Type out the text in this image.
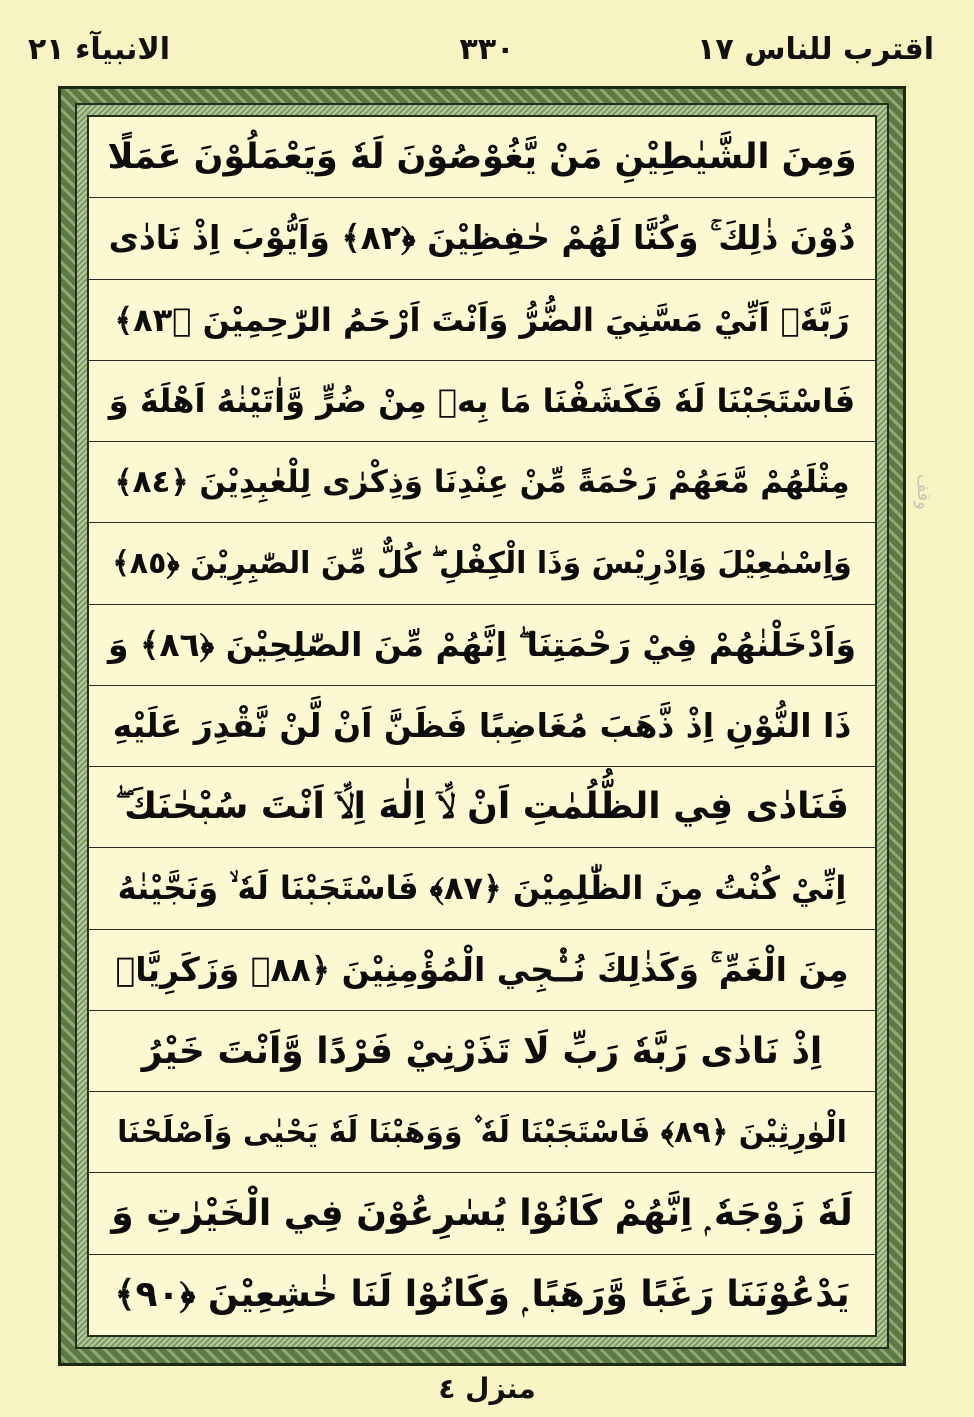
اقترب للناس ١٧
٣٣٠
الانبيآء ٢١
وَمِنَ الشَّيٰطِيْنِ مَنْ يَّغُوْصُوْنَ لَهٗ وَيَعْمَلُوْنَ عَمَلًا
دُوْنَ ذٰلِكَ ۚ وَكُنَّا لَهُمْ حٰفِظِيْنَ ﴿٨٢﴾ وَاَيُّوْبَ اِذْ نَادٰى
رَبَّهٗۤ اَنِّيْ مَسَّنِيَ الضُّرُّ وَاَنْتَ اَرْحَمُ الرّٰحِمِيْنَ ﴿٨٣﴾
فَاسْتَجَبْنَا لَهٗ فَكَشَفْنَا مَا بِهٖ مِنْ ضُرٍّ وَّاٰتَيْنٰهُ اَهْلَهٗ وَ
مِثْلَهُمْ مَّعَهُمْ رَحْمَةً مِّنْ عِنْدِنَا وَذِكْرٰى لِلْعٰبِدِيْنَ ﴿٨٤﴾
وَاِسْمٰعِيْلَ وَاِدْرِيْسَ وَذَا الْكِفْلِ ۖ كُلٌّ مِّنَ الصّٰبِرِيْنَ ﴿٨٥﴾
وَاَدْخَلْنٰهُمْ فِيْ رَحْمَتِنَا ۖ اِنَّهُمْ مِّنَ الصّٰلِحِيْنَ ﴿٨٦﴾ وَ
ذَا النُّوْنِ اِذْ ذَّهَبَ مُغَاضِبًا فَظَنَّ اَنْ لَّنْ نَّقْدِرَ عَلَيْهِ
فَنَادٰى فِي الظُّلُمٰتِ اَنْ لَّاۤ اِلٰهَ اِلَّاۤ اَنْتَ سُبْحٰنَكَ ۖ
اِنِّيْ كُنْتُ مِنَ الظّٰلِمِيْنَ ﴿٨٧﴾ فَاسْتَجَبْنَا لَهٗ ۙ وَنَجَّيْنٰهُ
مِنَ الْغَمِّ ۚ وَكَذٰلِكَ نُـْۨجِي الْمُؤْمِنِيْنَ ﴿٨٨﴾ وَزَكَرِيَّاۤ
اِذْ نَادٰى رَبَّهٗ رَبِّ لَا تَذَرْنِيْ فَرْدًا وَّاَنْتَ خَيْرُ
الْوٰرِثِيْنَ ﴿٨٩﴾ فَاسْتَجَبْنَا لَهٗ ۫ وَوَهَبْنَا لَهٗ يَحْيٰى وَاَصْلَحْنَا
لَهٗ زَوْجَهٗ ۭ اِنَّهُمْ كَانُوْا يُسٰرِعُوْنَ فِي الْخَيْرٰتِ وَ
يَدْعُوْنَنَا رَغَبًا وَّرَهَبًا ۭ وَكَانُوْا لَنَا خٰشِعِيْنَ ﴿٩٠﴾
وقف
منزل ٤
